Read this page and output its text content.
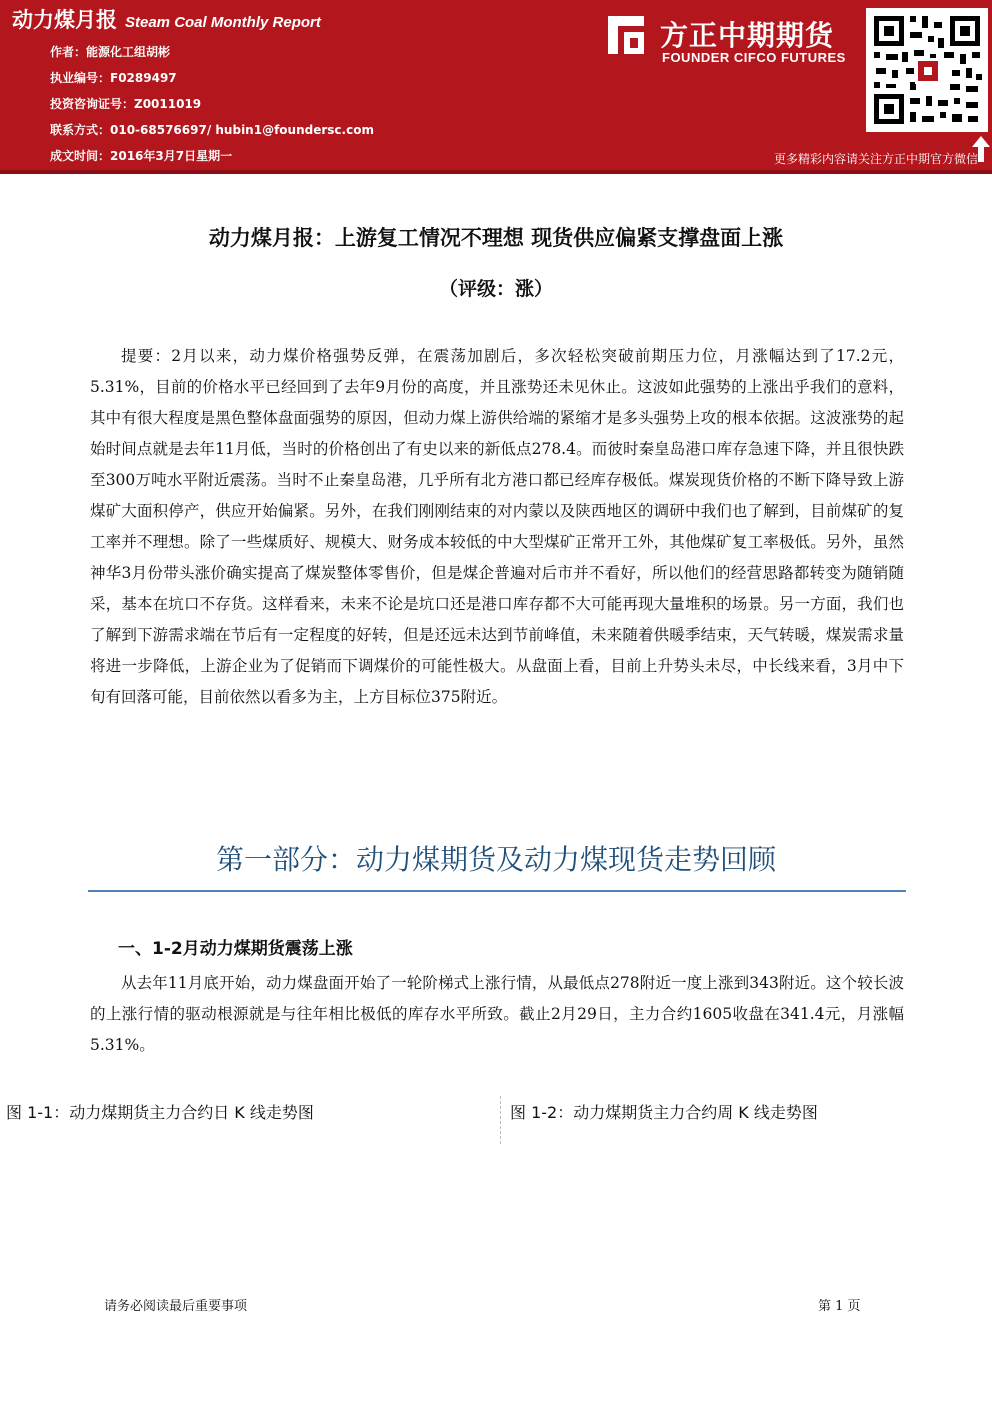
动力煤月报 Steam Coal Monthly Report
作者：能源化工组胡彬
执业编号：F0289497
投资咨询证号：Z0011019
联系方式：010-68576697/ hubin1@foundersc.com
成文时间：2016年3月7日星期一
方正中期期货
FOUNDER CIFCO FUTURES
更多精彩内容请关注方正中期官方微信
动力煤月报：上游复工情况不理想 现货供应偏紧支撑盘面上涨
（评级：涨）
提要：2月以来，动力煤价格强势反弹，在震荡加剧后，多次轻松突破前期压力位，月涨幅达到了17.2元，5.31%，目前的价格水平已经回到了去年9月份的高度，并且涨势还未见休止。这波如此强势的上涨出乎我们的意料，其中有很大程度是黑色整体盘面强势的原因，但动力煤上游供给端的紧缩才是多头强势上攻的根本依据。这波涨势的起始时间点就是去年11月低，当时的价格创出了有史以来的新低点278.4。而彼时秦皇岛港口库存急速下降，并且很快跌至300万吨水平附近震荡。当时不止秦皇岛港，几乎所有北方港口都已经库存极低。煤炭现货价格的不断下降导致上游煤矿大面积停产，供应开始偏紧。另外，在我们刚刚结束的对内蒙以及陕西地区的调研中我们也了解到，目前煤矿的复工率并不理想。除了一些煤质好、规模大、财务成本较低的中大型煤矿正常开工外，其他煤矿复工率极低。另外，虽然神华3月份带头涨价确实提高了煤炭整体零售价，但是煤企普遍对后市并不看好，所以他们的经营思路都转变为随销随采，基本在坑口不存货。这样看来，未来不论是坑口还是港口库存都不大可能再现大量堆积的场景。另一方面，我们也了解到下游需求端在节后有一定程度的好转，但是还远未达到节前峰值，未来随着供暖季结束，天气转暖，煤炭需求量将进一步降低，上游企业为了促销而下调煤价的可能性极大。从盘面上看，目前上升势头未尽，中长线来看，3月中下旬有回落可能，目前依然以看多为主，上方目标位375附近。
第一部分：动力煤期货及动力煤现货走势回顾
一、1-2月动力煤期货震荡上涨
从去年11月底开始，动力煤盘面开始了一轮阶梯式上涨行情，从最低点278附近一度上涨到343附近。这个较长波的上涨行情的驱动根源就是与往年相比极低的库存水平所致。截止2月29日，主力合约1605收盘在341.4元，月涨幅5.31%。
图 1-1：动力煤期货主力合约日 K 线走势图	图 1-2：动力煤期货主力合约周 K 线走势图
请务必阅读最后重要事项	第 1 页
